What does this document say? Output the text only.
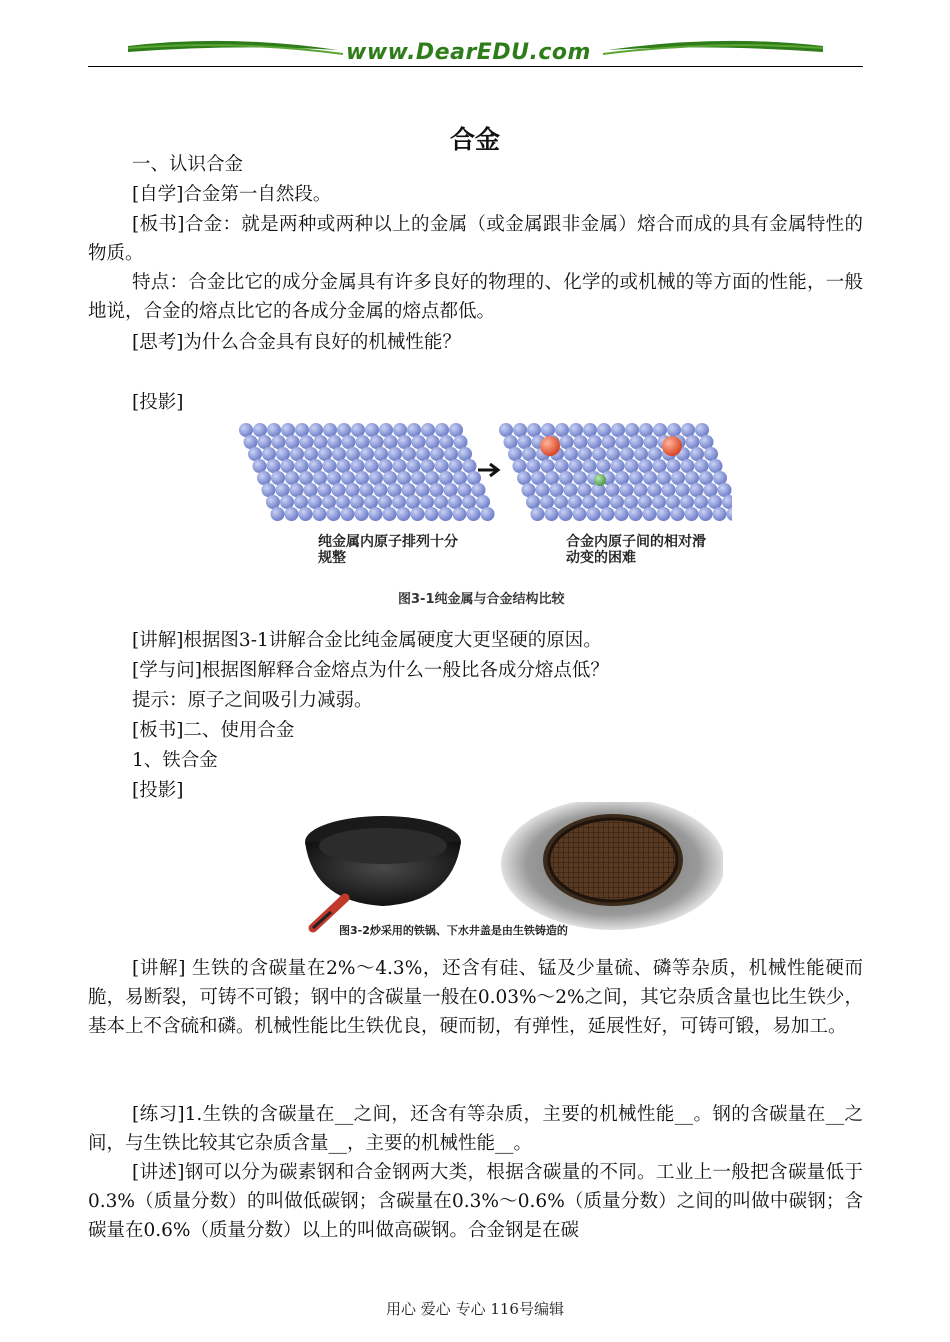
www.DearEDU.com
合金

一、认识合金

[自学]合金第一自然段。

[板书]合金：就是两种或两种以上的金属（或金属跟非金属）熔合而成的具有金属特性的物质。

特点：合金比它的成分金属具有许多良好的物理的、化学的或机械的等方面的性能，一般地说，合金的熔点比它的各成分金属的熔点都低。

[思考]为什么合金具有良好的机械性能？

[投影]

纯金属内原子排列十分规整
合金内原子间的相对滑动变的困难
图3-1纯金属与合金结构比较

[讲解]根据图3-1讲解合金比纯金属硬度大更坚硬的原因。

[学与问]根据图解释合金熔点为什么一般比各成分熔点低？

提示：原子之间吸引力减弱。

[板书]二、使用合金

1、铁合金

[投影]

图3-2炒采用的铁锅、下水井盖是由生铁铸造的

[讲解] 生铁的含碳量在2%～4.3%，还含有硅、锰及少量硫、磷等杂质，机械性能硬而脆，易断裂，可铸不可锻；钢中的含碳量一般在0.03%～2%之间，其它杂质含量也比生铁少，基本上不含硫和磷。机械性能比生铁优良，硬而韧，有弹性，延展性好，可铸可锻，易加工。

[练习]1.生铁的含碳量在__之间，还含有等杂质，主要的机械性能__。钢的含碳量在__之间，与生铁比较其它杂质含量__，主要的机械性能__。

[讲述]钢可以分为碳素钢和合金钢两大类，根据含碳量的不同。工业上一般把含碳量低于0.3%（质量分数）的叫做低碳钢；含碳量在0.3%～0.6%（质量分数）之间的叫做中碳钢；含碳量在0.6%（质量分数）以上的叫做高碳钢。合金钢是在碳

用心 爱心 专心 116号编辑
